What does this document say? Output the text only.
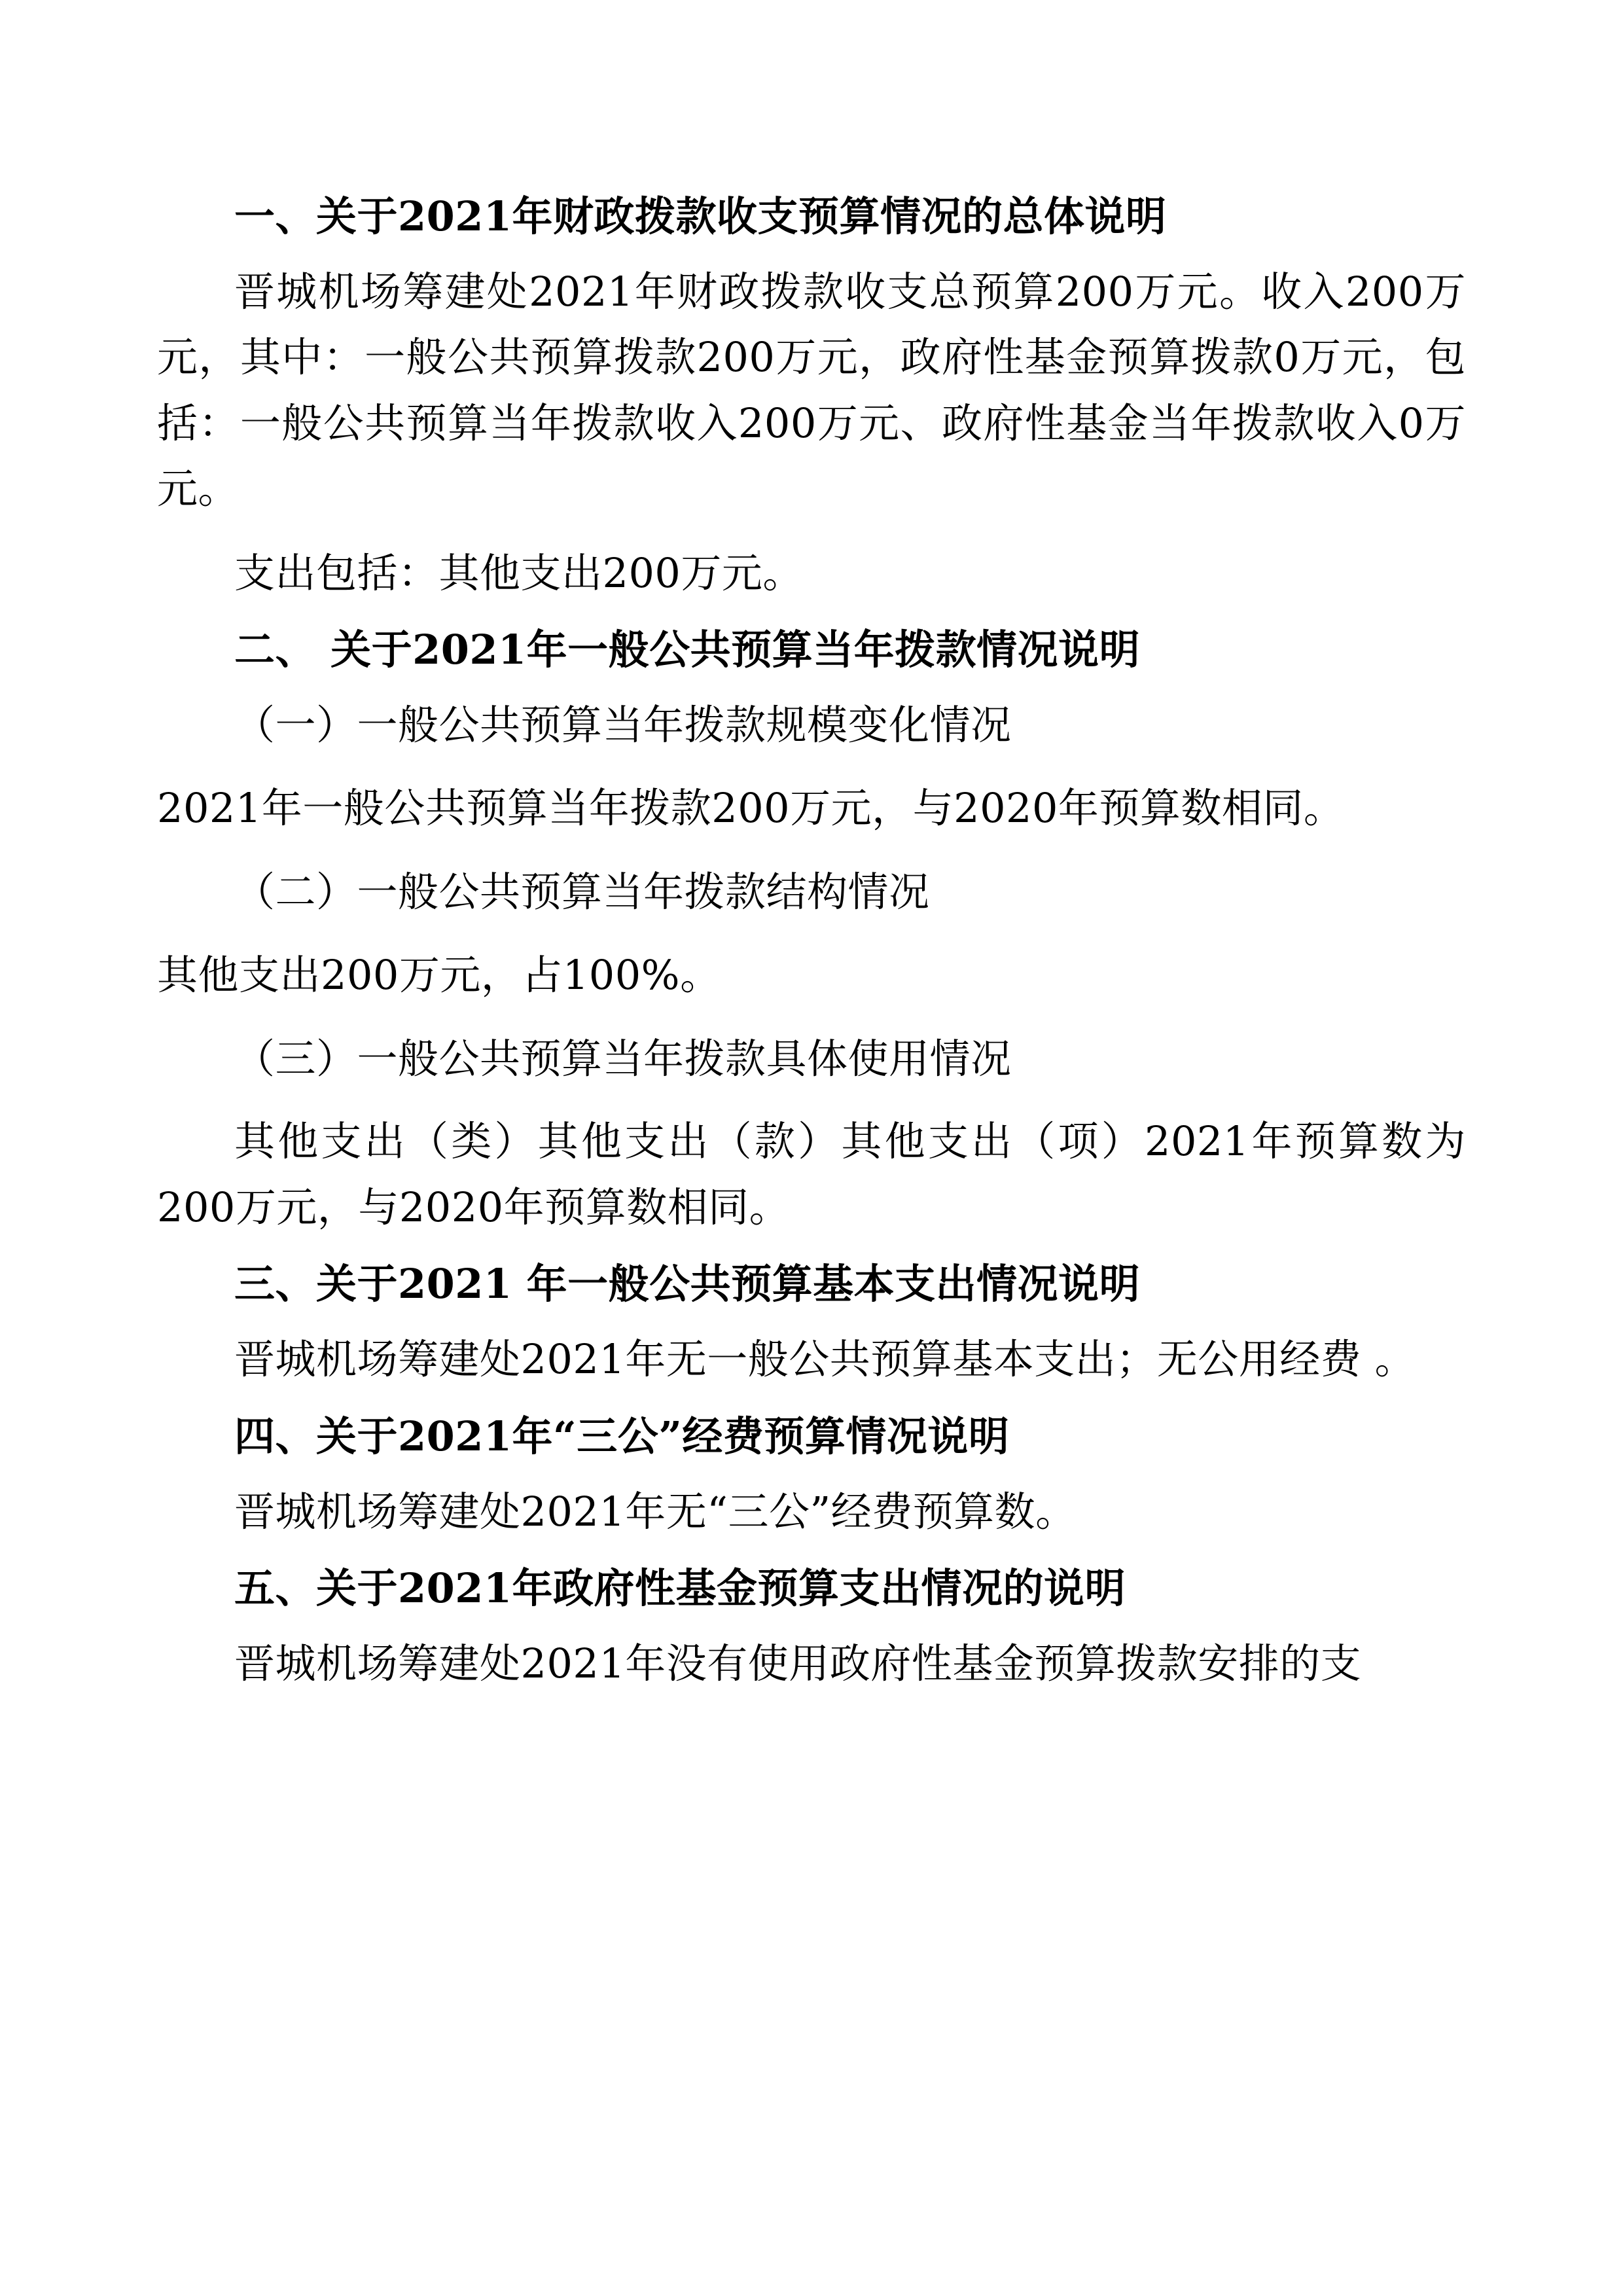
一、关于2021年财政拨款收支预算情况的总体说明

晋城机场筹建处2021年财政拨款收支总预算200万元。收入200万元，其中：一般公共预算拨款200万元，政府性基金预算拨款0万元，包括：一般公共预算当年拨款收入200万元、政府性基金当年拨款收入0万元。

支出包括：其他支出200万元。

二、 关于2021年一般公共预算当年拨款情况说明

（一）一般公共预算当年拨款规模变化情况

2021年一般公共预算当年拨款200万元，与2020年预算数相同。

（二）一般公共预算当年拨款结构情况

其他支出200万元，占100%。

（三）一般公共预算当年拨款具体使用情况

其他支出（类）其他支出（款）其他支出（项）2021年预算数为200万元，与2020年预算数相同。

三、关于2021 年一般公共预算基本支出情况说明

晋城机场筹建处2021年无一般公共预算基本支出；无公用经费 。

四、关于2021年“三公”经费预算情况说明

晋城机场筹建处2021年无“三公”经费预算数。

五、关于2021年政府性基金预算支出情况的说明

晋城机场筹建处2021年没有使用政府性基金预算拨款安排的支
